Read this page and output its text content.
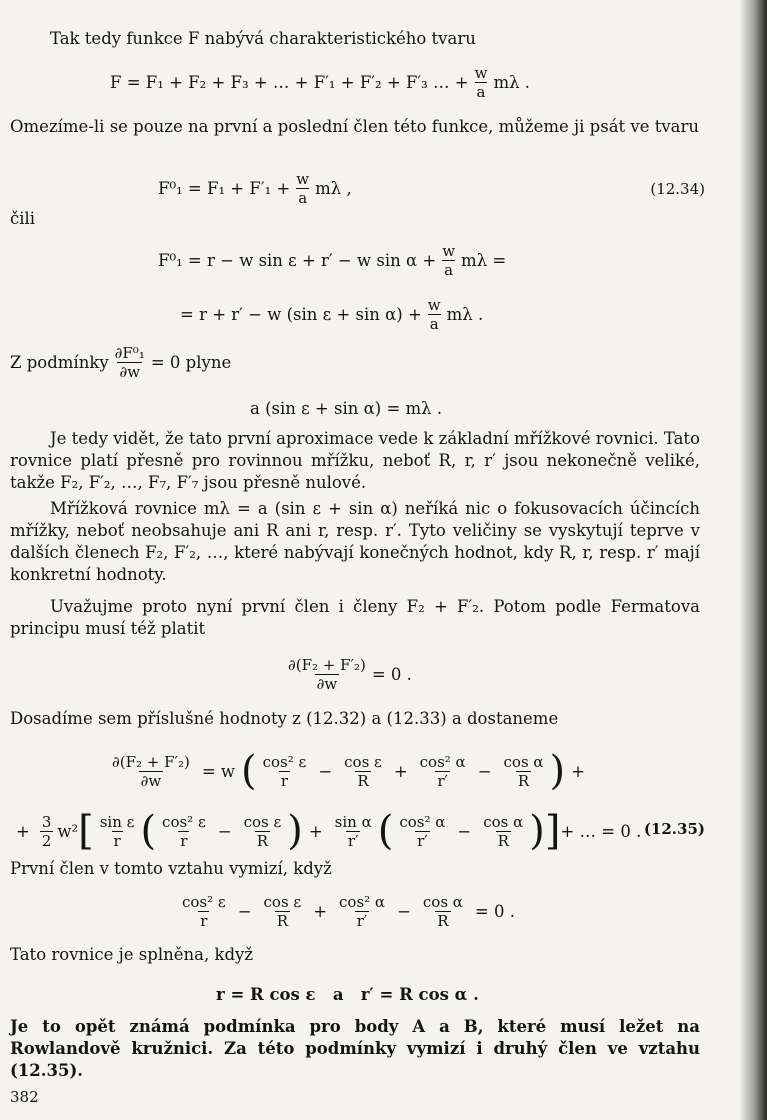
Tak tedy funkce F nabývá charakteristického tvaru
F = F₁ + F₂ + F₃ + … + F′₁ + F′₂ + F′₃ … + $\frac{w}{a}$ mλ .
Omezíme-li se pouze na první a poslední člen této funkce, můžeme ji psát ve tvaru
$F^0_1 = F_1 + F'_1 + \frac{w}{a}$ mλ ,	(12.34)
čili
F⁰₁ = r − w sin ε + r′ − w $\sin \alpha + \frac{w}{a}$ mλ =
= r + r′ − w (sin $\varepsilon + \sin \alpha) + \frac{w}{a}$ mλ .
Z podmínky $\frac{\text{∂F⁰₁}}{\partial w} = 0$ plyne
a (sin ε + sin α) = mλ .
Je tedy vidět, že tato první aproximace vede k základní mřížkové rovnici. Tato rovnice platí přesně pro rovinnou mřížku, neboť R, r, r′ jsou nekonečně veliké, takže F₂, F′₂, …, F₇, F′₇ jsou přesně nulové.
Mřížková rovnice mλ = a (sin ε + sin α) neříká nic o fokusovacích účincích mřížky, neboť neobsahuje ani R ani r, resp. r′. Tyto veličiny se vyskytují teprve v dalších členech F₂, F′₂, …, které nabývají konečných hodnot, kdy R, r, resp. r′ mají konkretní hodnoty.
Uvažujme proto nyní první člen i členy F₂ + F′₂. Potom podle Fermatova principu musí též platit
$\frac{\text{∂(F₂ + F′₂)}}{\partial w} = 0$ .
Dosadíme sem příslušné hodnoty z (12.32) a (12.33) a dostaneme
$\frac{\text{∂(F₂ + F′₂)}}{\partial w} = w$ ( $\frac{\text{cos² ε}}{r} - \frac{\text{cos ε}}{R} + \frac{\text{cos² α}}{r'} - \frac{\text{cos α}}{R}$ ) +
+ $\frac{3}{2} w^2$ [ $\frac{\text{sin ε}}{r}$ ( $\frac{\text{cos² ε}}{r} - \frac{\text{cos ε}}{R}$ ) + $\frac{\text{sin α}}{r'}$ ( $\frac{\text{cos² α}}{r'} - \frac{\text{cos α}}{R}$ )] + … = 0 . (12.35)
První člen v tomto vztahu vymizí, když
$\frac{\text{cos² ε}}{r} - \frac{\text{cos ε}}{R} + \frac{\text{cos² α}}{r'} - \frac{\text{cos α}}{R} = 0$ .
Tato rovnice je splněna, když
r = R cos ε   a   r′ = R cos α .
Je to opět známá podmínka pro body A a B, které musí ležet na Rowlandově kružnici. Za této podmínky vymizí i druhý člen ve vztahu (12.35).
382
